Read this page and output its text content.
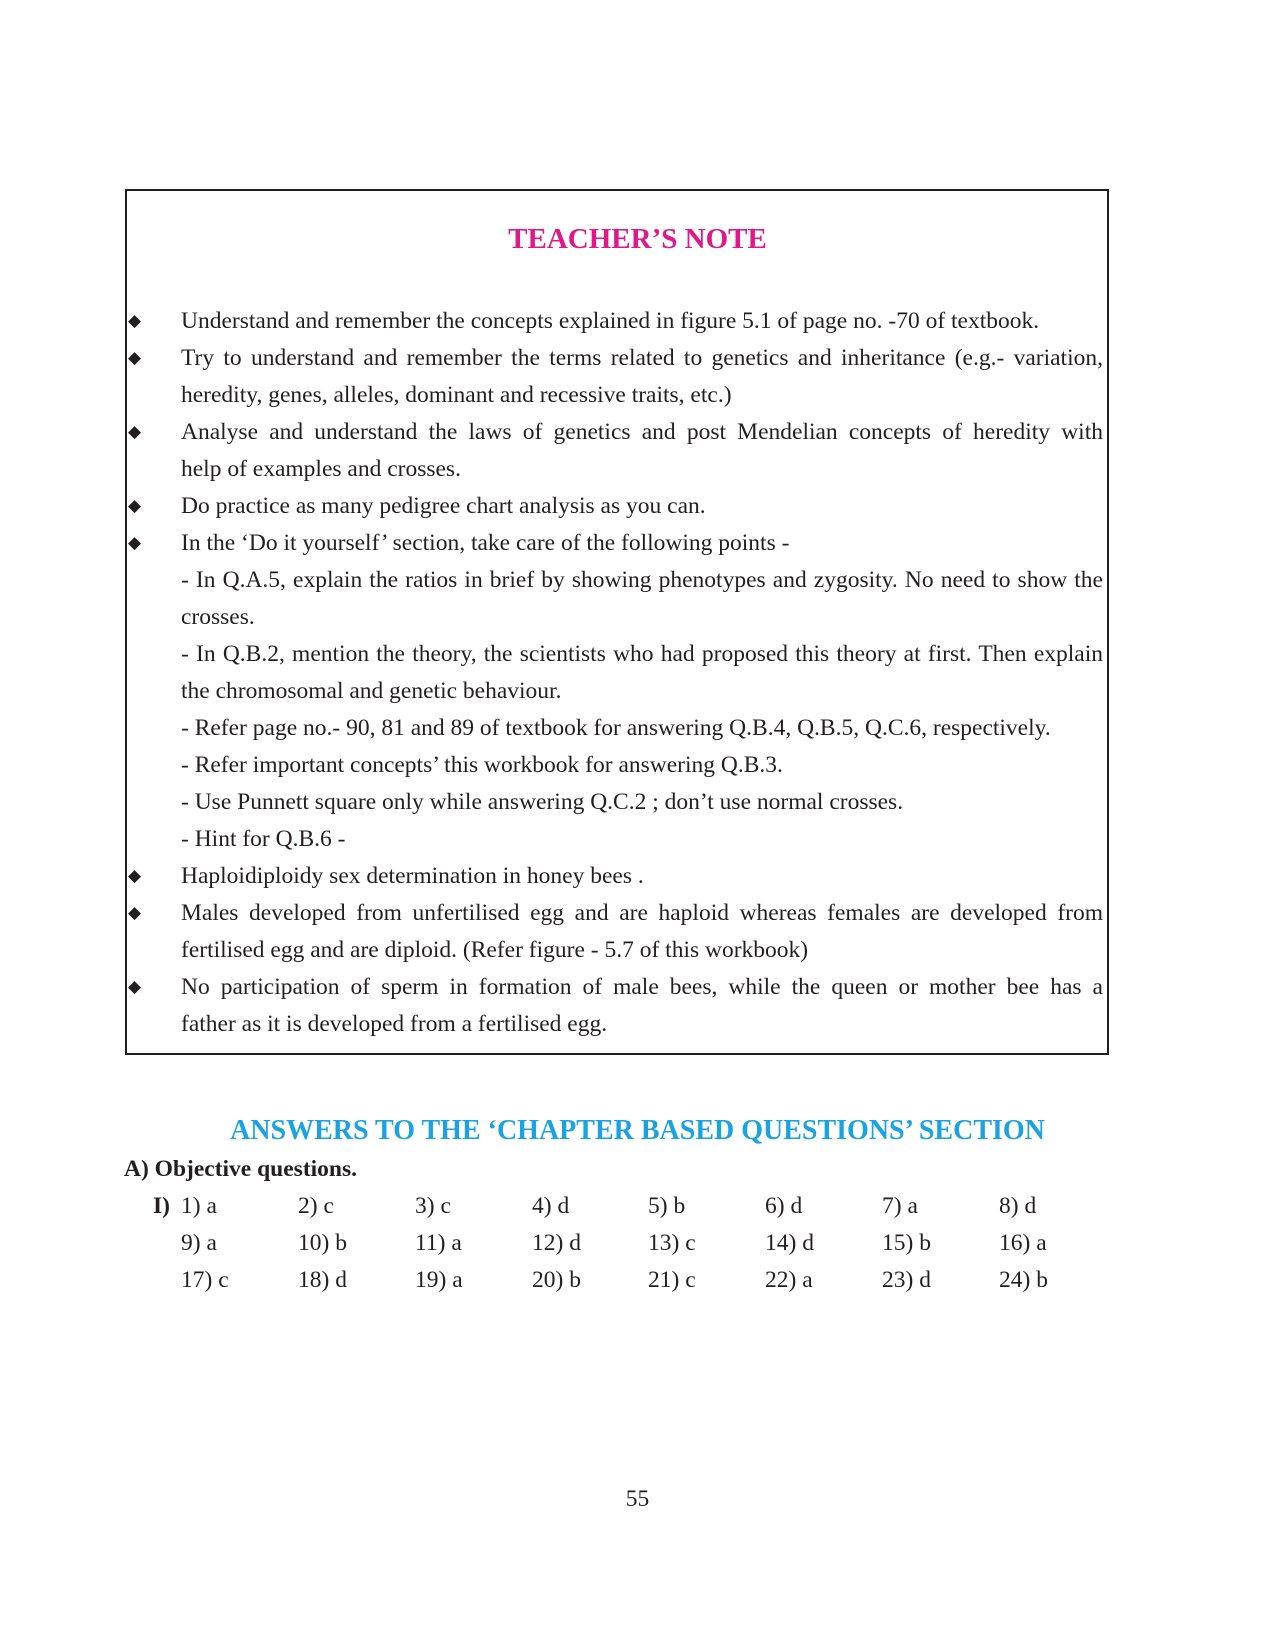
TEACHER’S NOTE
Understand and remember the concepts explained in figure 5.1 of page no. -70 of textbook.
◆
Try to understand and remember the terms related to genetics and inheritance (e.g.- variation,
◆
heredity, genes, alleles, dominant and recessive traits, etc.)
Analyse and understand the laws of genetics and post Mendelian concepts of heredity with
◆
help of examples and crosses.
Do practice as many pedigree chart analysis as you can.
◆
In the ‘Do it yourself’ section, take care of the following points -
◆
- In Q.A.5, explain the ratios in brief by showing phenotypes and zygosity. No need to show the
crosses.
- In Q.B.2, mention the theory, the scientists who had proposed this theory at first. Then explain
the chromosomal and genetic behaviour.
- Refer page no.- 90, 81 and 89 of textbook for answering Q.B.4, Q.B.5, Q.C.6, respectively.
- Refer important concepts’ this workbook for answering Q.B.3.
- Use Punnett square only while answering Q.C.2 ; don’t use normal crosses.
- Hint for Q.B.6 -
Haploidiploidy sex determination in honey bees .
◆
Males developed from unfertilised egg and are haploid whereas females are developed from
◆
fertilised egg and are diploid. (Refer figure - 5.7 of this workbook)
No participation of sperm in formation of male bees, while the queen or mother bee has a
◆
father as it is developed from a fertilised egg.
ANSWERS TO THE ‘CHAPTER BASED QUESTIONS’ SECTION
A) Objective questions.
I) 1) a	2) c	3) c	4) d	5) b	6) d	7) a	8) d
9) a	10) b	11) a	12) d	13) c	14) d	15) b	16) a
17) c	18) d	19) a	20) b	21) c	22) a	23) d	24) b
55
